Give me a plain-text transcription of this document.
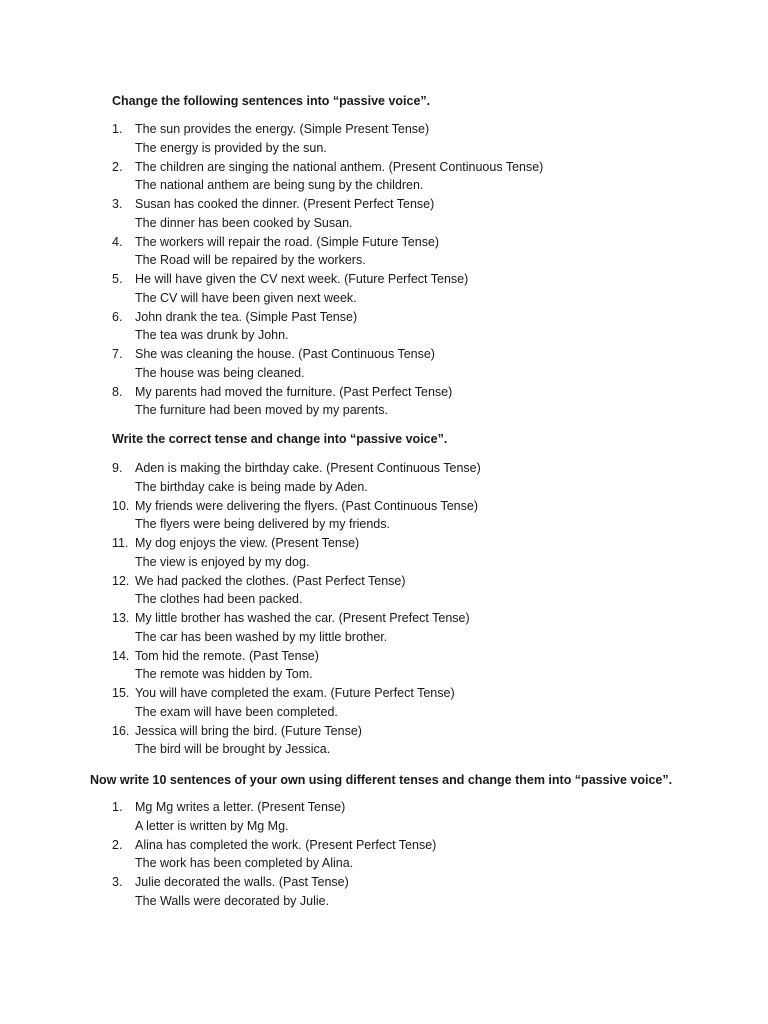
Change the following sentences into “passive voice”.
1.	The sun provides the energy. (Simple Present Tense)
The energy is provided by the sun.
2.	The children are singing the national anthem. (Present Continuous Tense)
The national anthem are being sung by the children.
3.	Susan has cooked the dinner. (Present Perfect Tense)
The dinner has been cooked by Susan.
4.	The workers will repair the road. (Simple Future Tense)
The Road will be repaired by the workers.
5.	He will have given the CV next week. (Future Perfect Tense)
The CV will have been given next week.
6.	John drank the tea. (Simple Past Tense)
The tea was drunk by John.
7.	She was cleaning the house. (Past Continuous Tense)
The house was being cleaned.
8.	My parents had moved the furniture. (Past Perfect Tense)
The furniture had been moved by my parents.
Write the correct tense and change into “passive voice”.
9.	Aden is making the birthday cake. (Present Continuous Tense)
The birthday cake is being made by Aden.
10. My friends were delivering the flyers. (Past Continuous Tense)
The flyers were being delivered by my friends.
11. My dog enjoys the view. (Present Tense)
The view is enjoyed by my dog.
12. We had packed the clothes. (Past Perfect Tense)
The clothes had been packed.
13. My little brother has washed the car. (Present Prefect Tense)
The car has been washed by my little brother.
14. Tom hid the remote. (Past Tense)
The remote was hidden by Tom.
15. You will have completed the exam. (Future Perfect Tense)
The exam will have been completed.
16. Jessica will bring the bird. (Future Tense)
The bird will be brought by Jessica.
Now write 10 sentences of your own using different tenses and change them into “passive voice”.
1.	Mg Mg writes a letter. (Present Tense)
A letter is written by Mg Mg.
2.	Alina has completed the work. (Present Perfect Tense)
The work has been completed by Alina.
3.	Julie decorated the walls. (Past Tense)
The Walls were decorated by Julie.
